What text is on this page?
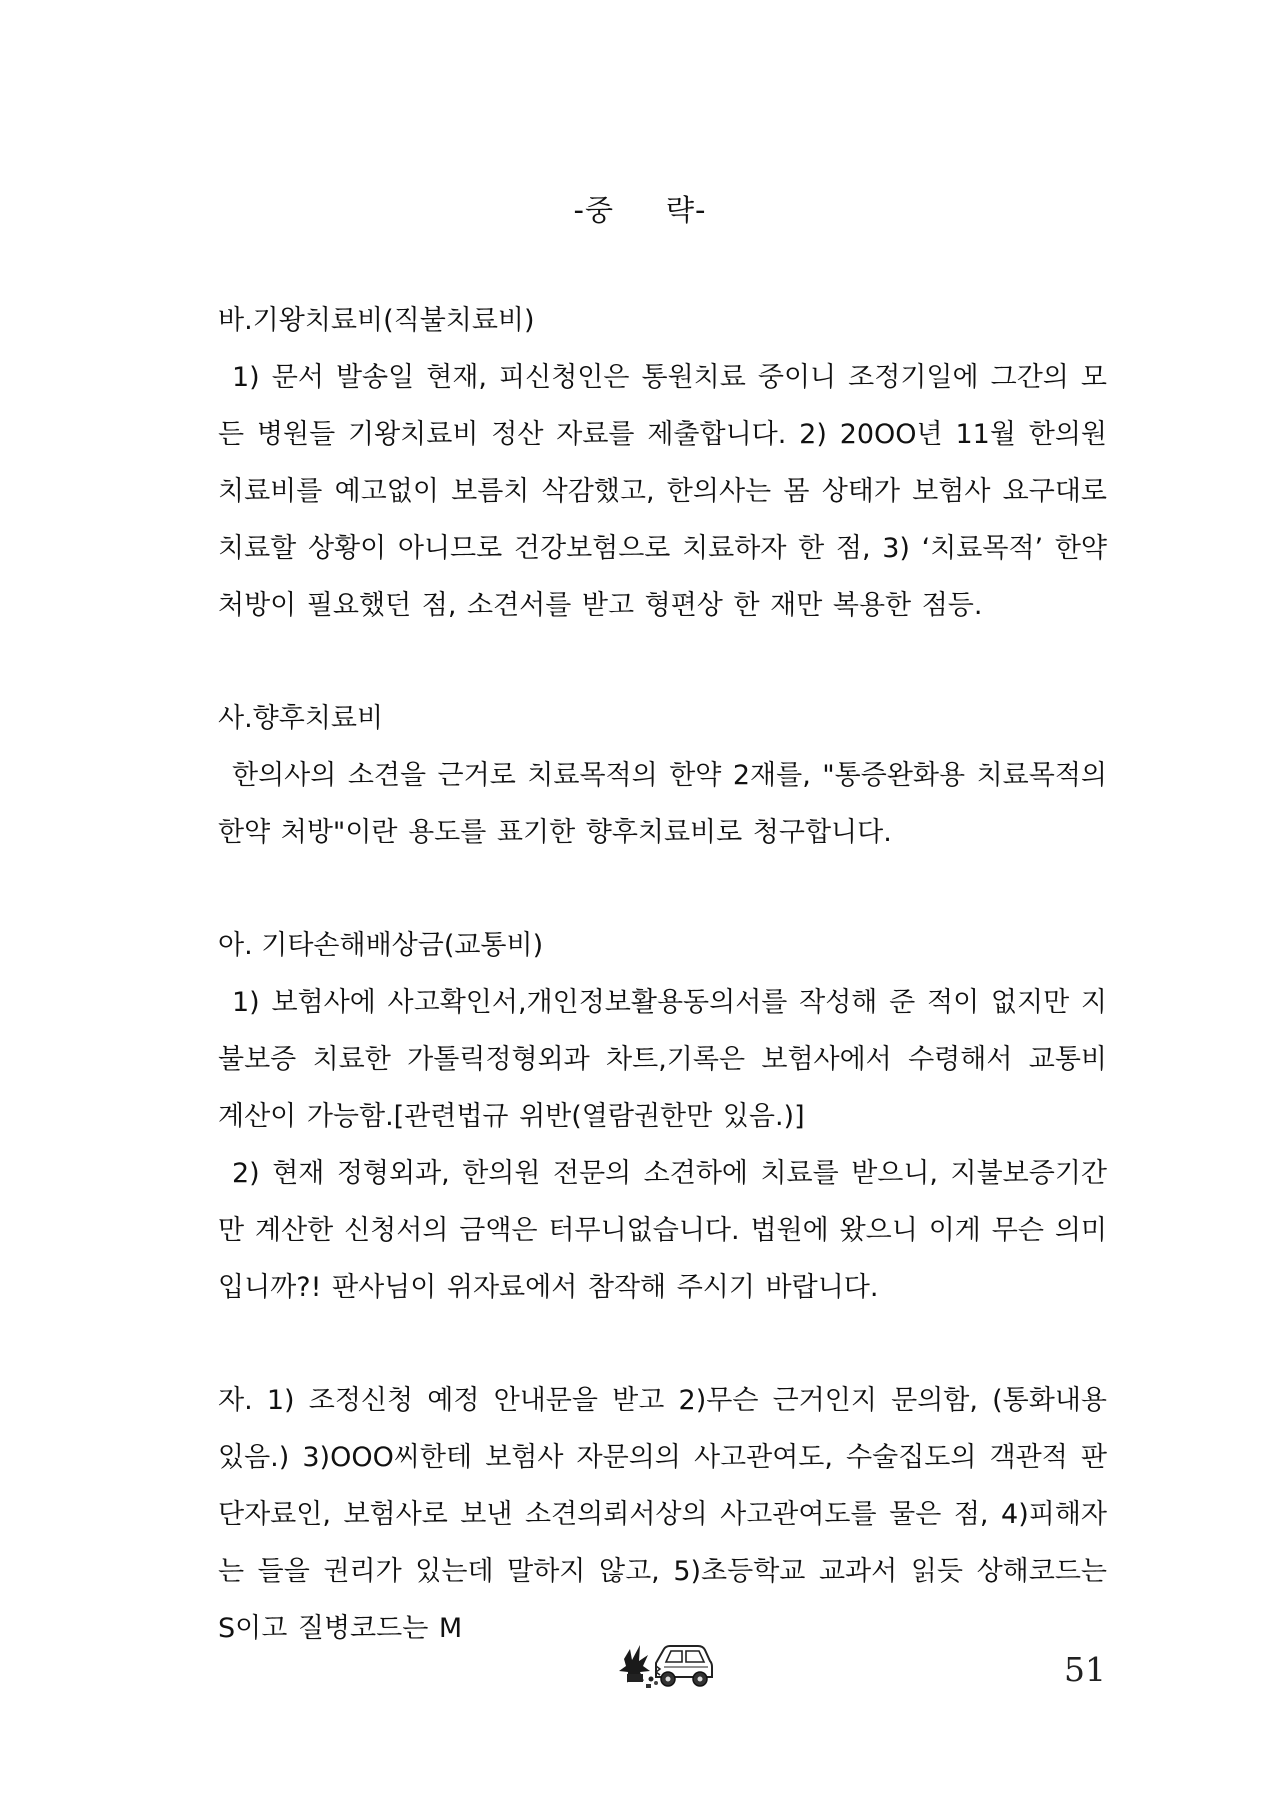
-중 략-
바.기왕치료비(직불치료비)
1) 문서 발송일 현재, 피신청인은 통원치료 중이니 조정기일에 그간의 모든 병원들 기왕치료비 정산 자료를 제출합니다. 2) 20OO년 11월 한의원 치료비를 예고없이 보름치 삭감했고, 한의사는 몸 상태가 보험사 요구대로 치료할 상황이 아니므로 건강보험으로 치료하자 한 점, 3) ‘치료목적’ 한약 처방이 필요했던 점, 소견서를 받고 형편상 한 재만 복용한 점등.
사.향후치료비
한의사의 소견을 근거로 치료목적의 한약 2재를, "통증완화용 치료목적의 한약 처방"이란 용도를 표기한 향후치료비로 청구합니다.
아. 기타손해배상금(교통비)
1) 보험사에 사고확인서,개인정보활용동의서를 작성해 준 적이 없지만 지불보증 치료한 가톨릭정형외과 차트,기록은 보험사에서 수령해서 교통비 계산이 가능함.[관련법규 위반(열람권한만 있음.)]
2) 현재 정형외과, 한의원 전문의 소견하에 치료를 받으니, 지불보증기간만 계산한 신청서의 금액은 터무니없습니다. 법원에 왔으니 이게 무슨 의미입니까?! 판사님이 위자료에서 참작해 주시기 바랍니다.
자. 1) 조정신청 예정 안내문을 받고 2)무슨 근거인지 문의함, (통화내용 있음.) 3)OOO씨한테 보험사 자문의의 사고관여도, 수술집도의 객관적 판단자료인, 보험사로 보낸 소견의뢰서상의 사고관여도를 물은 점, 4)피해자는 들을 권리가 있는데 말하지 않고, 5)초등학교 교과서 읽듯 상해코드는 S이고 질병코드는 M
51
